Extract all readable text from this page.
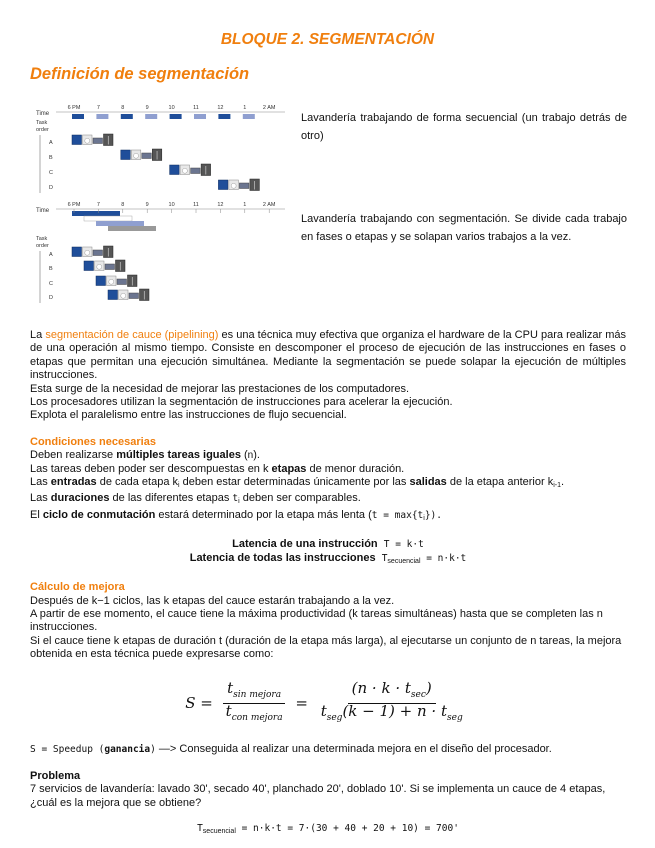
BLOQUE 2. SEGMENTACIÓN
Definición de segmentación
Time
6 PM	7	8	9	10	11	12	1	2 AM
Task
order
A
B
C
D
Time
6 PM	7	8	9	10	11	12	1	2 AM
Task
order
A
B
C
D
Lavandería trabajando de forma secuencial (un trabajo detrás de otro)
Lavandería trabajando con segmentación. Se divide cada trabajo en fases o etapas y se solapan varios trabajos a la vez.

La segmentación de cauce (pipelining) es una técnica muy efectiva que organiza el hardware de la CPU para realizar más de una operación al mismo tiempo. Consiste en descomponer el proceso de ejecución de las instrucciones en fases o etapas que permitan una ejecución simultánea. Mediante la segmentación se puede solapar la ejecución de múltiples instrucciones.

Esta surge de la necesidad de mejorar las prestaciones de los computadores.

Los procesadores utilizan la segmentación de instrucciones para acelerar la ejecución.

Explota el paralelismo entre las instrucciones de flujo secuencial.

Condiciones necesarias

Deben realizarse múltiples tareas iguales (n).

Las tareas deben poder ser descompuestas en k etapas de menor duración.

Las entradas de cada etapa $k_i$ deben estar determinadas únicamente por las salidas de la etapa anterior $k_{i-1}$.

Las duraciones de las diferentes etapas $t_i$ deben ser comparables.

El ciclo de conmutación estará determinado por la etapa más lenta $(t = \max\{t_i\})$.

Latencia de una instrucción T = k·t

Latencia de todas las instrucciones $T_{secuencial} = n\cdot k\cdot t$

Cálculo de mejora

Después de k−1 ciclos, las k etapas del cauce estarán trabajando a la vez.

A partir de ese momento, el cauce tiene la máxima productividad (k tareas simultáneas) hasta que se completen las n instrucciones.

Si el cauce tiene k etapas de duración t (duración de la etapa más larga), al ejecutarse un conjunto de n tareas, la mejora obtenida en esta técnica puede expresarse como:

$S = \frac{t_{sin mejora}}{t_{con mejora}} = \frac{(n \cdot k \cdot t_{sec})}{t_{seg}(k - 1) + n \cdot t_{seg}}$

S = Speedup (ganancia) —> Conseguida al realizar una determinada mejora en el diseño del procesador.

Problema

7 servicios de lavandería: lavado 30', secado 40', planchado 20', doblado 10'. Si se implementa un cauce de 4 etapas, ¿cuál es la mejora que se obtiene?

$T_{secuencial} = n\cdot k\cdot t = 7\cdot(30 + 40 + 20 + 10) = 700'$
